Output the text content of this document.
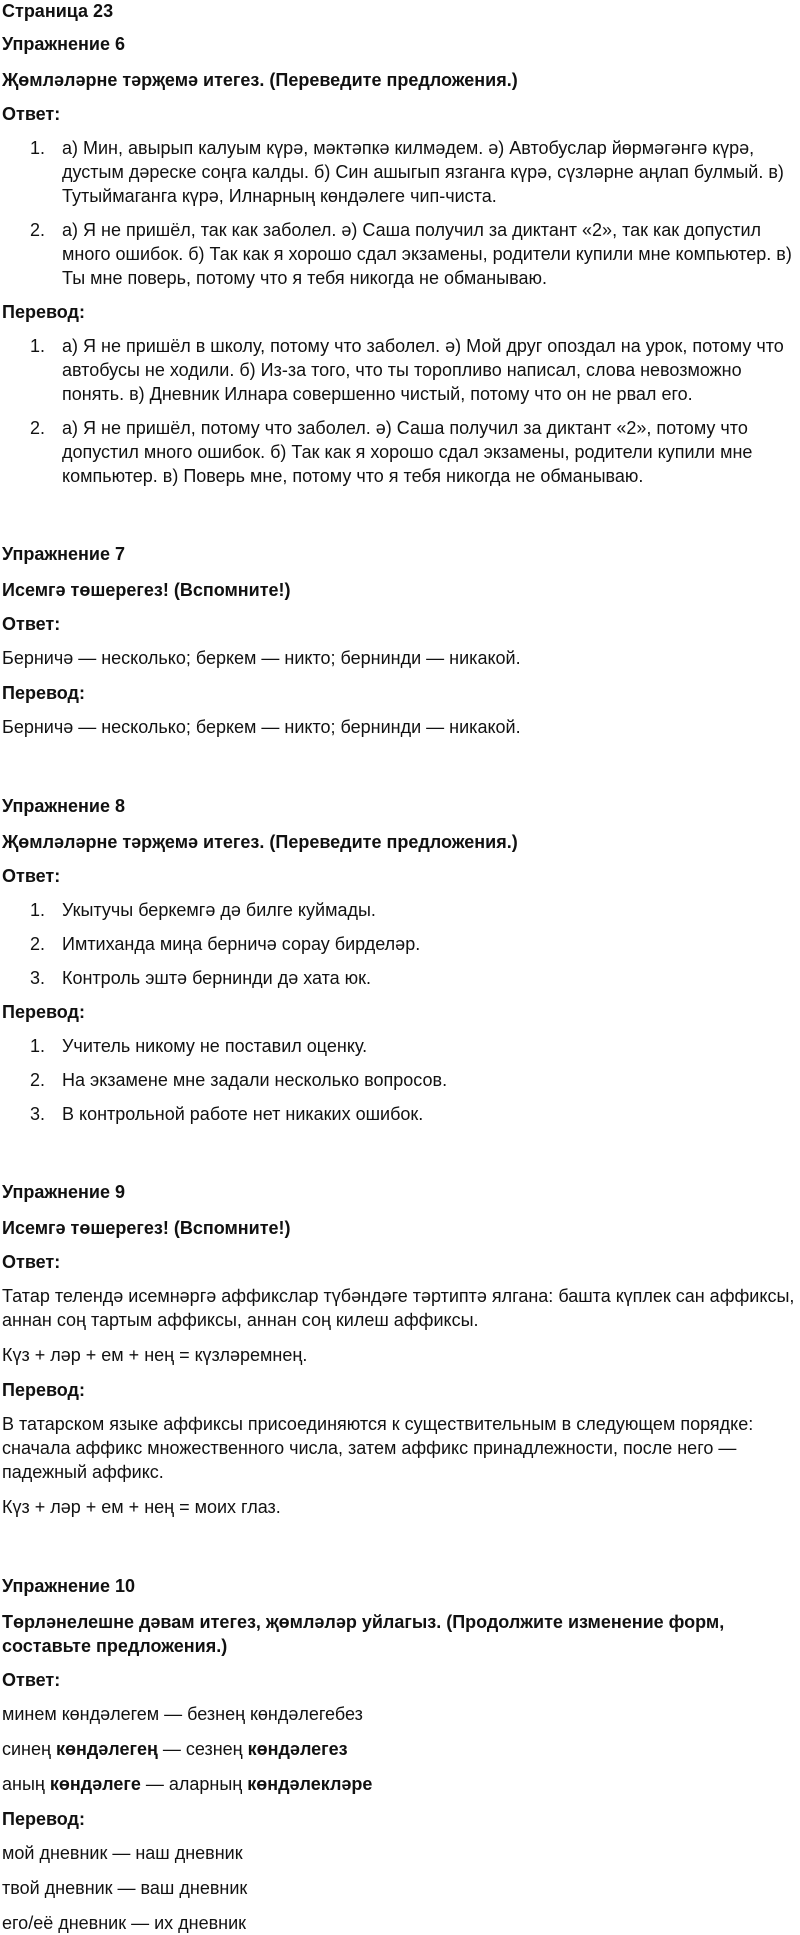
Страница 23
Упражнение 6
Җөмләләрне тәрҗемә итегез. (Переведите предложения.)
Ответ:
1. а) Мин, авырып калуым күрә, мәктәпкә килмәдем. ә) Автобуслар йөрмәгәнгә күрә, дустым дәреске соңга калды. б) Син ашыгып язганга күрә, сүзләрне аңлап булмый. в) Тутыймаганга күрә, Илнарның көндәлеге чип-чиста.
2. а) Я не пришёл, так как заболел. ә) Саша получил за диктант «2», так как допустил много ошибок. б) Так как я хорошо сдал экзамены, родители купили мне компьютер. в) Ты мне поверь, потому что я тебя никогда не обманываю.
Перевод:
1. а) Я не пришёл в школу, потому что заболел. ә) Мой друг опоздал на урок, потому что автобусы не ходили. б) Из-за того, что ты торопливо написал, слова невозможно понять. в) Дневник Илнара совершенно чистый, потому что он не рвал его.
2. а) Я не пришёл, потому что заболел. ә) Саша получил за диктант «2», потому что допустил много ошибок. б) Так как я хорошо сдал экзамены, родители купили мне компьютер. в) Поверь мне, потому что я тебя никогда не обманываю.
Упражнение 7
Исемгә төшерегез! (Вспомните!)
Ответ:

Берничә — несколько; беркем — никто; бернинди — никакой.

Перевод:

Берничә — несколько; беркем — никто; бернинди — никакой.

Упражнение 8
Җөмләләрне тәрҗемә итегез. (Переведите предложения.)
Ответ:
1. Укытучы беркемгә дә билге куймады.
2. Имтиханда миңа берничә сорау бирделәр.
3. Контроль эштә бернинди дә хата юк.
Перевод:
1. Учитель никому не поставил оценку.
2. На экзамене мне задали несколько вопросов.
3. В контрольной работе нет никаких ошибок.
Упражнение 9
Исемгә төшерегез! (Вспомните!)
Ответ:

Татар телендә исемнәргә аффикслар түбәндәге тәртиптә ялгана: башта күплек сан аффиксы, аннан соң тартым аффиксы, аннан соң килеш аффиксы.

Күз + ләр + ем + нең = күзләремнең.

Перевод:

В татарском языке аффиксы присоединяются к существительным в следующем порядке: сначала аффикс множественного числа, затем аффикс принадлежности, после него — падежный аффикс.

Күз + ләр + ем + нең = моих глаз.

Упражнение 10
Төрләнелешне дәвам итегез, җөмләләр уйлагыз. (Продолжите изменение форм, составьте предложения.)
Ответ:

минем көндәлегем — безнең көндәлегебез

синең көндәлегең — сезнең көндәлегез

аның көндәлеге — аларның көндәлекләре

Перевод:

мой дневник — наш дневник

твой дневник — ваш дневник

его/её дневник — их дневник
